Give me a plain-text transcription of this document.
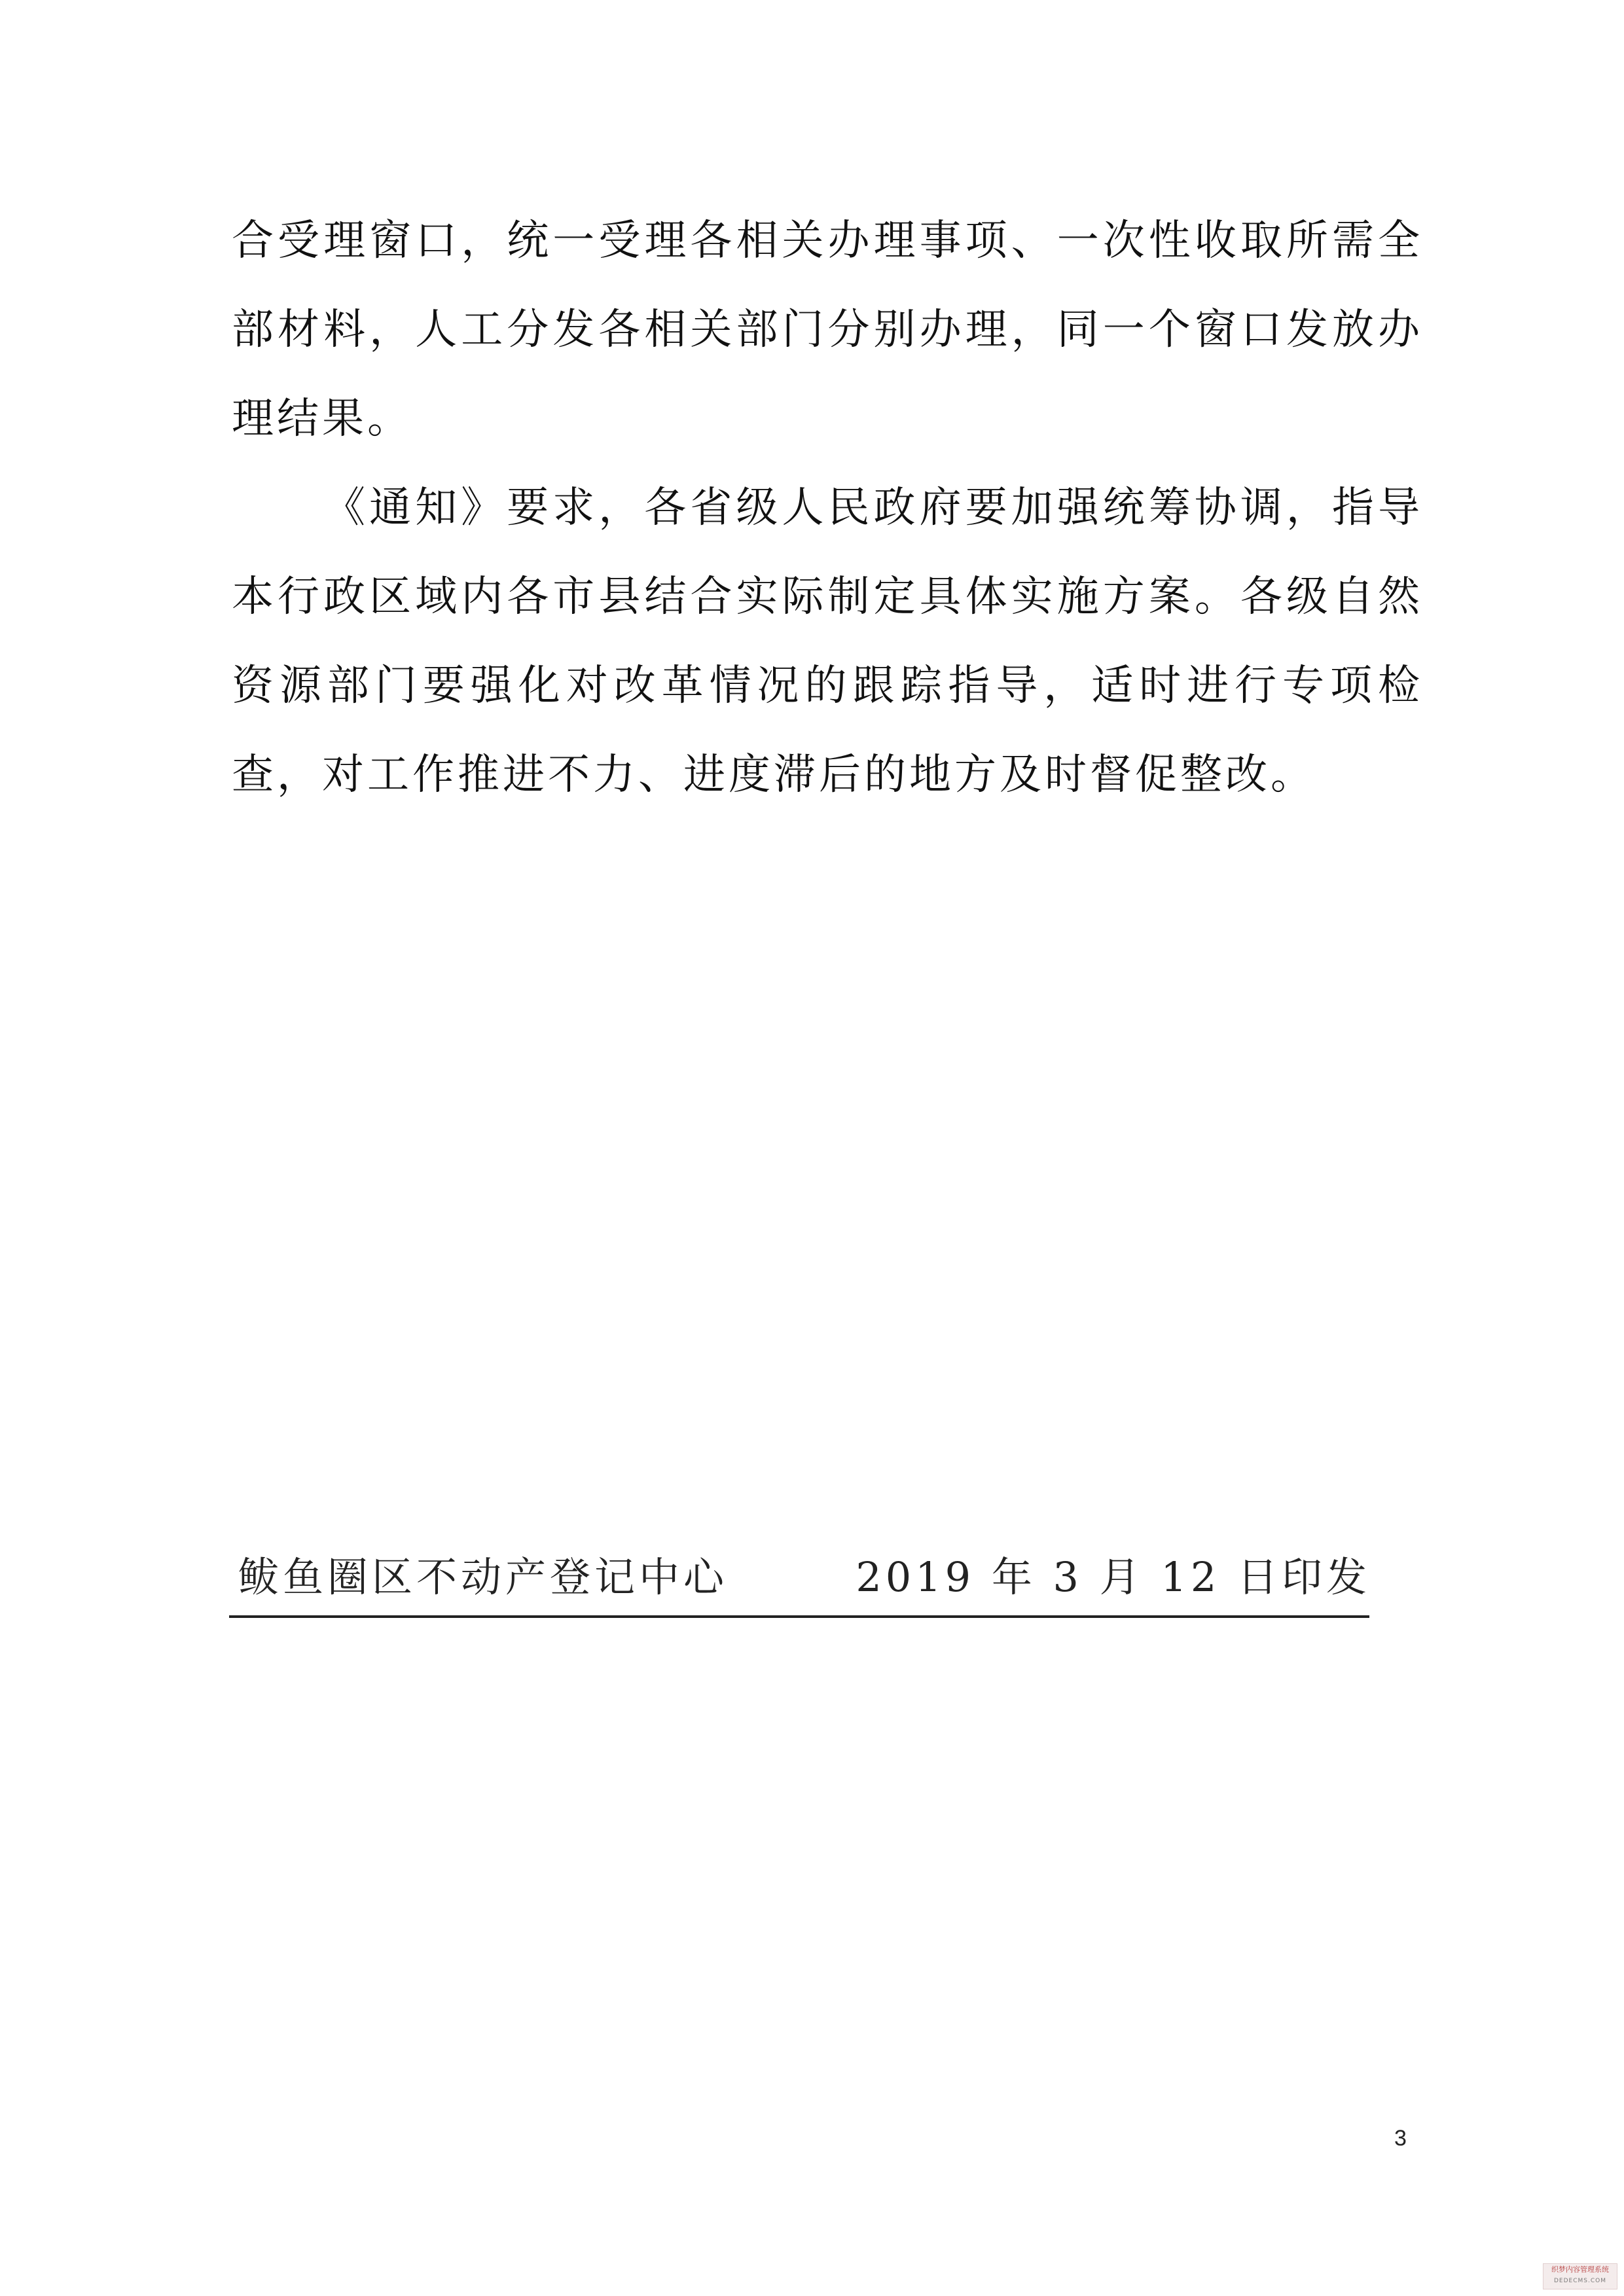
合受理窗口，统一受理各相关办理事项、一次性收取所需全部材料，人工分发各相关部门分别办理，同一个窗口发放办理结果。

《通知》要求，各省级人民政府要加强统筹协调，指导本行政区域内各市县结合实际制定具体实施方案。各级自然资源部门要强化对改革情况的跟踪指导，适时进行专项检查，对工作推进不力、进度滞后的地方及时督促整改。

鲅鱼圈区不动产登记中心	2019 年 3 月 12 日印发
3
织梦内容管理系统
DEDECMS.COM
